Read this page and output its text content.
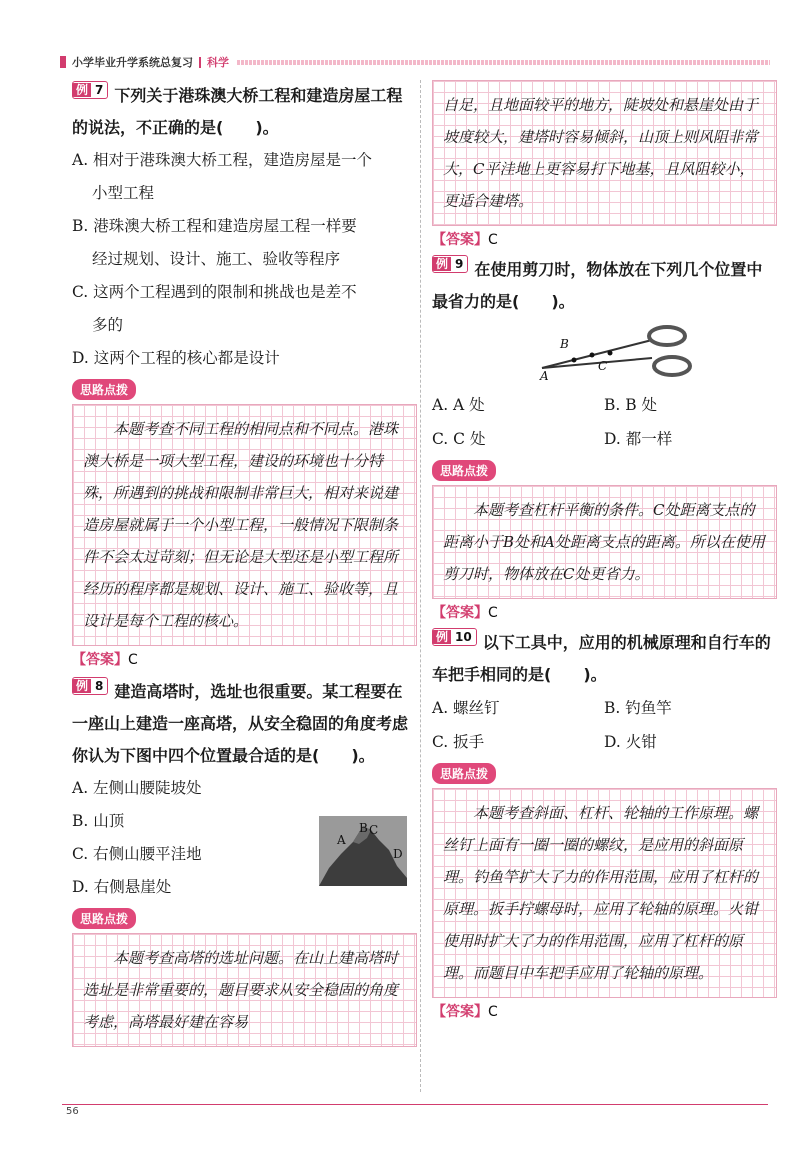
小学毕业升学系统总复习 科学

例 7 下列关于港珠澳大桥工程和建造房屋工程的说法，不正确的是(　　)。

A. 相对于港珠澳大桥工程，建造房屋是一个
小型工程
B. 港珠澳大桥工程和建造房屋工程一样要
经过规划、设计、施工、验收等程序
C. 这两个工程遇到的限制和挑战也是差不
多的
D. 这两个工程的核心都是设计
思路点拨

本题考查不同工程的相同点和不同点。港珠澳大桥是一项大型工程，建设的环境也十分特殊，所遇到的挑战和限制非常巨大，相对来说建造房屋就属于一个小型工程，一般情况下限制条件不会太过苛刻；但无论是大型还是小型工程所经历的程序都是规划、设计、施工、验收等，且设计是每个工程的核心。

【答案】C

例 8 建造高塔时，选址也很重要。某工程要在一座山上建造一座高塔，从安全稳固的角度考虑你认为下图中四个位置最合适的是(　　)。

A. 左侧山腰陡坡处
B. 山顶
C. 右侧山腰平洼地
D. 右侧悬崖处
思路点拨

本题考查高塔的选址问题。在山上建高塔时选址是非常重要的，题目要求从安全稳固的角度考虑，高塔最好建在容易

A
B C
D

自足，且地面较平的地方，陡坡处和悬崖处由于坡度较大，建塔时容易倾斜，山顶上则风阻非常大，C平洼地上更容易打下地基，且风阻较小，更适合建塔。

【答案】C

例 9 在使用剪刀时，物体放在下列几个位置中最省力的是(　　)。

A
B
C
A. A 处	B. B 处
C. C 处	D. 都一样
思路点拨

本题考查杠杆平衡的条件。C处距离支点的距离小于B处和A处距离支点的距离。所以在使用剪刀时，物体放在C处更省力。

【答案】C

例 10 以下工具中，应用的机械原理和自行车的车把手相同的是(　　)。

A. 螺丝钉	B. 钓鱼竿
C. 扳手	D. 火钳
思路点拨

本题考查斜面、杠杆、轮轴的工作原理。螺丝钉上面有一圈一圈的螺纹，是应用的斜面原理。钓鱼竿扩大了力的作用范围，应用了杠杆的原理。扳手拧螺母时，应用了轮轴的原理。火钳使用时扩大了力的作用范围，应用了杠杆的原理。而题目中车把手应用了轮轴的原理。

【答案】C
56
